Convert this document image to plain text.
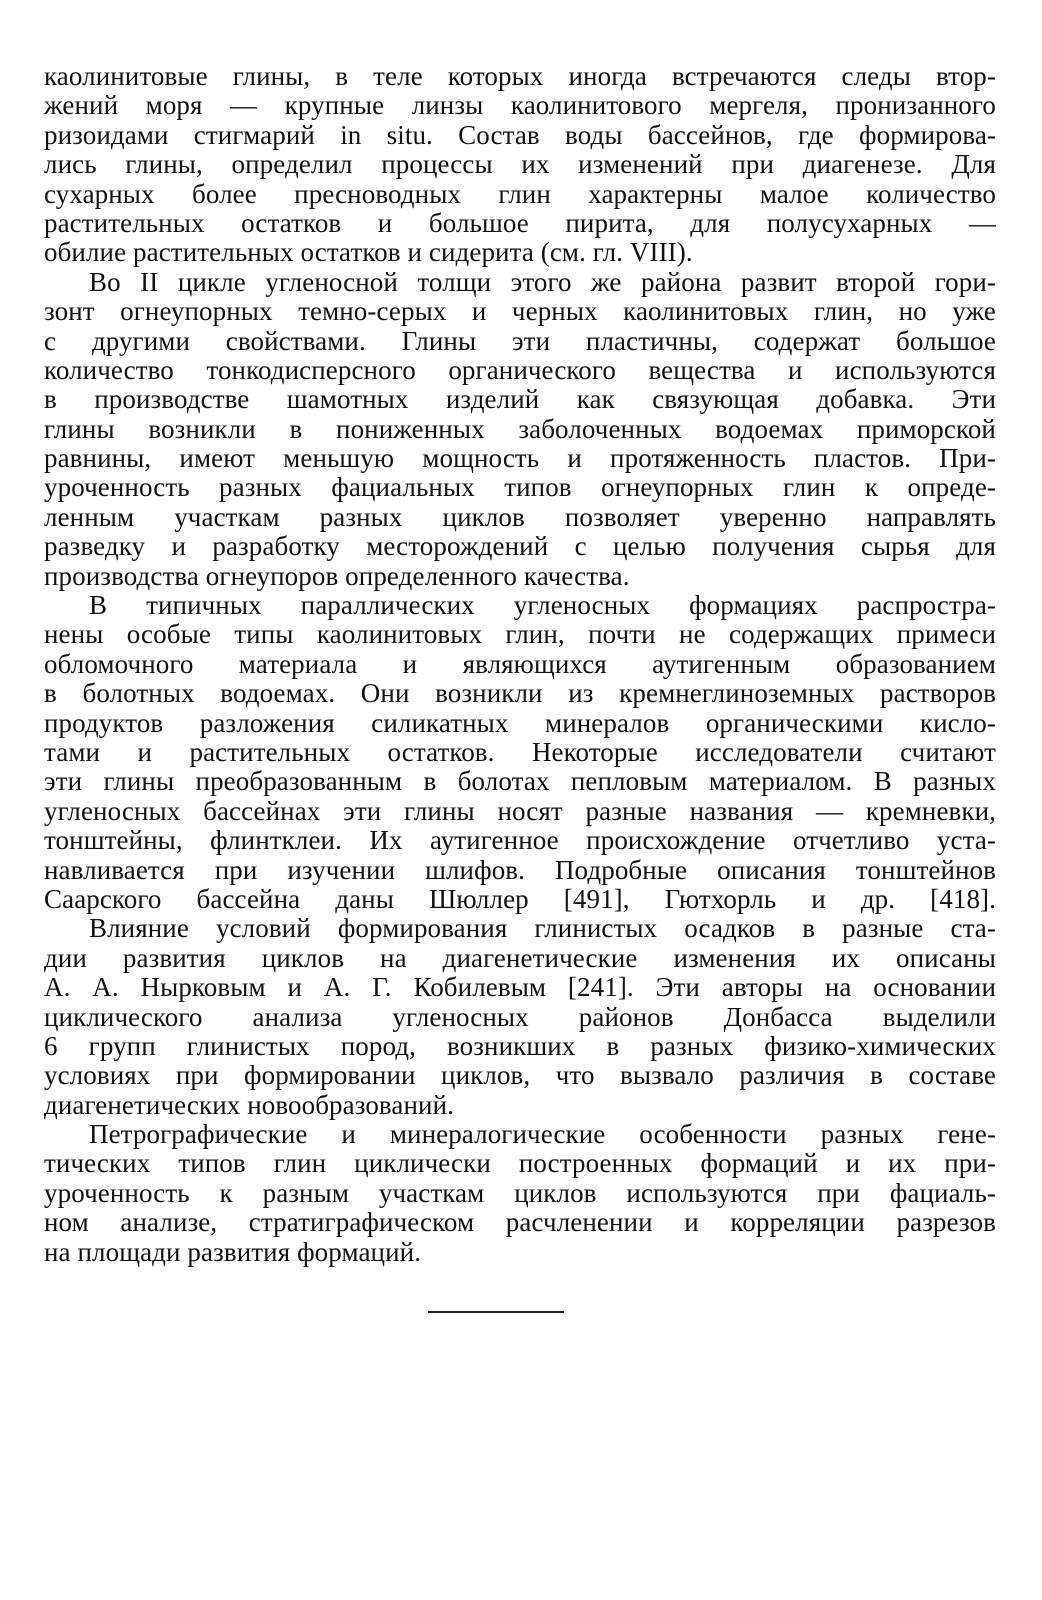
каолинитовые глины, в теле которых иногда встречаются следы втор-
жений моря — крупные линзы каолинитового мергеля, пронизанного
ризоидами стигмарий in situ. Состав воды бассейнов, где формирова-
лись глины, определил процессы их изменений при диагенезе. Для
сухарных более пресноводных глин характерны малое количество
растительных остатков и большое пирита, для полусухарных —
обилие растительных остатков и сидерита (см. гл. VIII).
Во II цикле угленосной толщи этого же района развит второй гори-
зонт огнеупорных темно-серых и черных каолинитовых глин, но уже
с другими свойствами. Глины эти пластичны, содержат большое
количество тонкодисперсного органического вещества и используются
в производстве шамотных изделий как связующая добавка. Эти
глины возникли в пониженных заболоченных водоемах приморской
равнины, имеют меньшую мощность и протяженность пластов. При-
уроченность разных фациальных типов огнеупорных глин к опреде-
ленным участкам разных циклов позволяет уверенно направлять
разведку и разработку месторождений с целью получения сырья для
производства огнеупоров определенного качества.
В типичных параллических угленосных формациях распростра-
нены особые типы каолинитовых глин, почти не содержащих примеси
обломочного материала и являющихся аутигенным образованием
в болотных водоемах. Они возникли из кремнеглиноземных растворов
продуктов разложения силикатных минералов органическими кисло-
тами и растительных остатков. Некоторые исследователи считают
эти глины преобразованным в болотах пепловым материалом. В разных
угленосных бассейнах эти глины носят разные названия — кремневки,
тонштейны, флинтклеи. Их аутигенное происхождение отчетливо уста-
навливается при изучении шлифов. Подробные описания тонштейнов
Саарского бассейна даны Шюллер [491], Гютхорль и др. [418].
Влияние условий формирования глинистых осадков в разные ста-
дии развития циклов на диагенетические изменения их описаны
А. А. Нырковым и А. Г. Кобилевым [241]. Эти авторы на основании
циклического анализа угленосных районов Донбасса выделили
6 групп глинистых пород, возникших в разных физико-химических
условиях при формировании циклов, что вызвало различия в составе
диагенетических новообразований.
Петрографические и минералогические особенности разных гене-
тических типов глин циклически построенных формаций и их при-
уроченность к разным участкам циклов используются при фациаль-
ном анализе, стратиграфическом расчленении и корреляции разрезов
на площади развития формаций.
